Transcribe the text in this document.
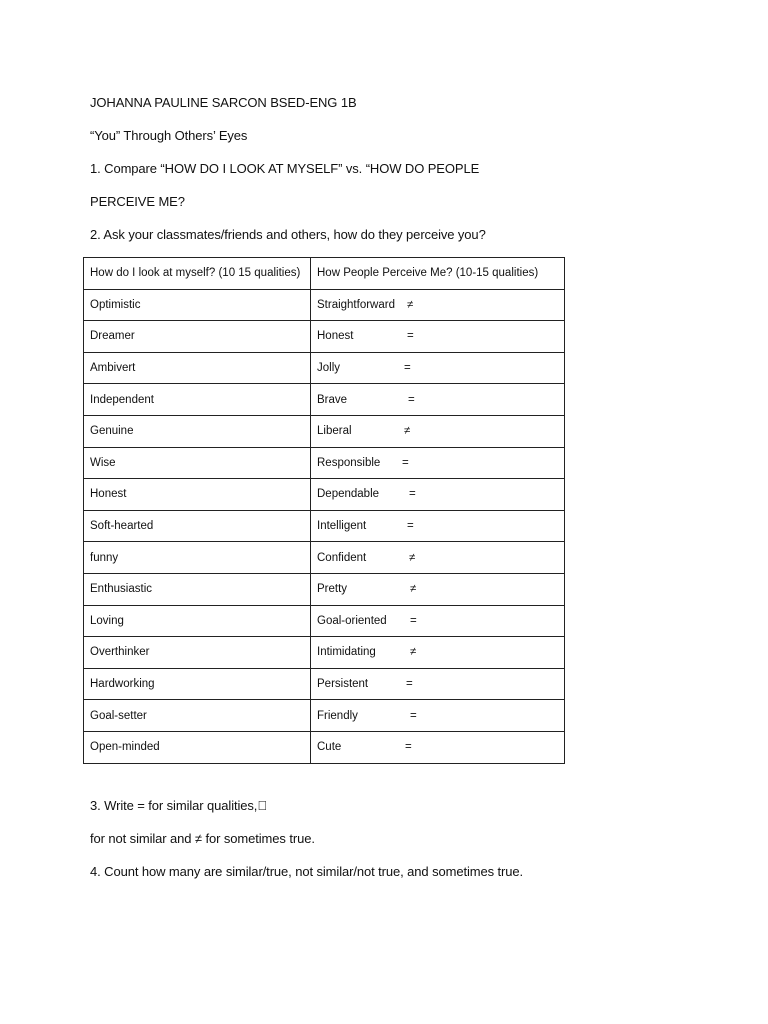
JOHANNA PAULINE SARCON BSED-ENG 1B
“You” Through Others’ Eyes
1. Compare “HOW DO I LOOK AT MYSELF” vs. “HOW DO PEOPLE
PERCEIVE ME?
2. Ask your classmates/friends and others, how do they perceive you?
How do I look at myself? (10 15 qualities)	How People Perceive Me? (10-15 qualities)
Optimistic	Straightforward ≠

Dreamer	Honest =

Ambivert	Jolly =

Independent	Brave =

Genuine	Liberal ≠

Wise	Responsible =

Honest	Dependable =

Soft-hearted	Intelligent =

funny	Confident ≠

Enthusiastic	Pretty ≠

Loving	Goal-oriented =

Overthinker	Intimidating ≠

Hardworking	Persistent =

Goal-setter	Friendly =

Open-minded	Cute =
3. Write = for similar qualities, 
for not similar and ≠ for sometimes true.
4. Count how many are similar/true, not similar/not true, and sometimes true.
